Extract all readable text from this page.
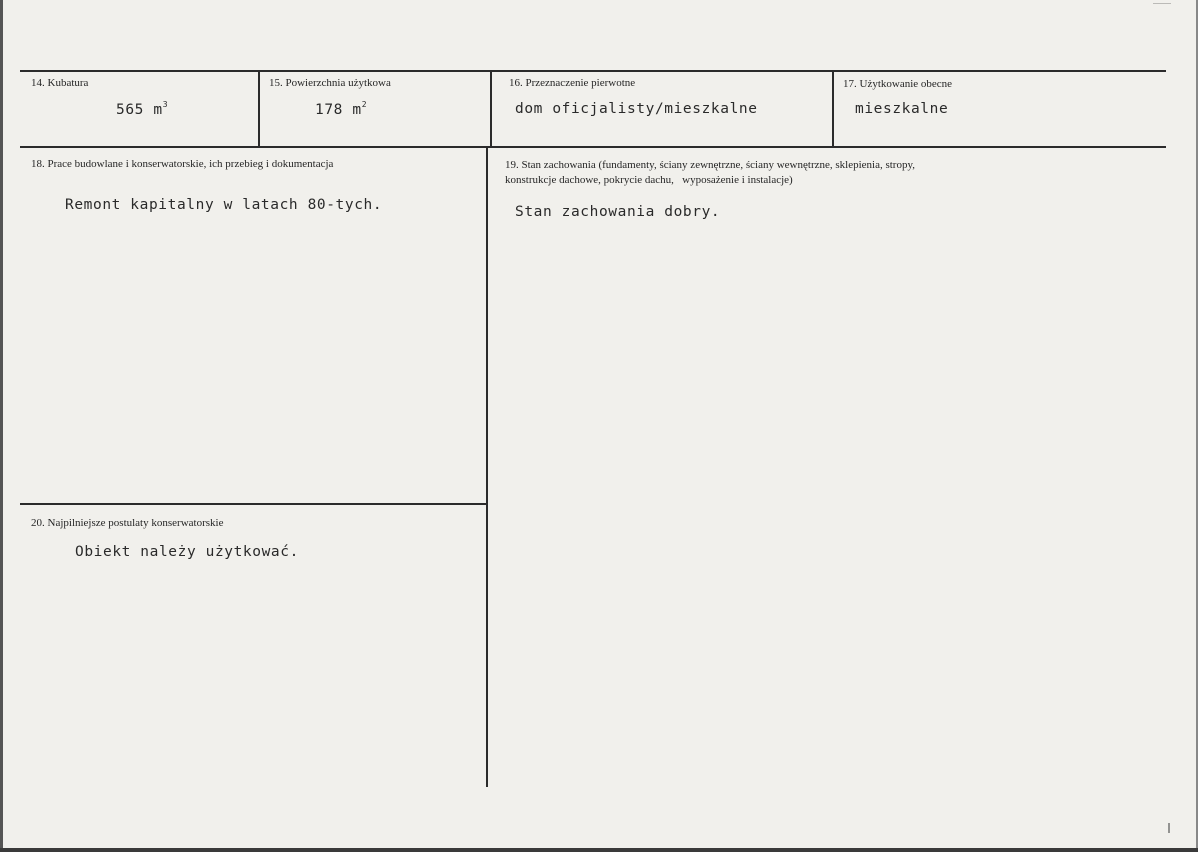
14. Kubatura
565 $m^3$
15. Powierzchnia użytkowa
178 $m^2$
16. Przeznaczenie pierwotne
dom oficjalisty/mieszkalne
17. Użytkowanie obecne
mieszkalne
18. Prace budowlane i konserwatorskie, ich przebieg i dokumentacja
Remont kapitalny w latach 80-tych.
19. Stan zachowania (fundamenty, ściany zewnętrzne, ściany wewnętrzne, sklepienia, stropy,
konstrukcje dachowe, pokrycie dachu,   wyposażenie i instalacje)
Stan zachowania dobry.
20. Najpilniejsze postulaty konserwatorskie
Obiekt należy użytkować.
